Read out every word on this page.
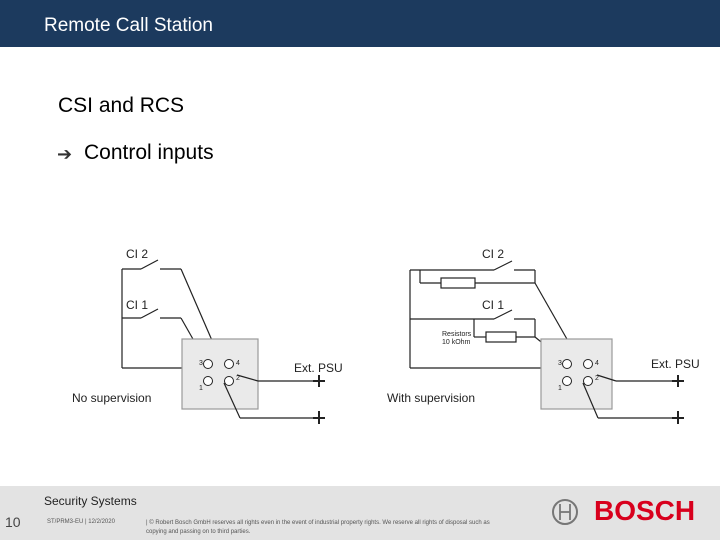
Remote Call Station
CSI and RCS
➔ Control inputs
CI 2
CI 1
Ext. PSU
No supervision
3	4
1
2
CI 2
CI 1
Resistors
10 kOhm
Ext. PSU
With supervision
3	4
1
2
Security Systems
10	ST/PRM3-EU | 12/2/2020	| © Robert Bosch GmbH reserves all rights even in the event of industrial property rights. We reserve all rights of disposal such as copying and passing on to third parties.
BOSCH
